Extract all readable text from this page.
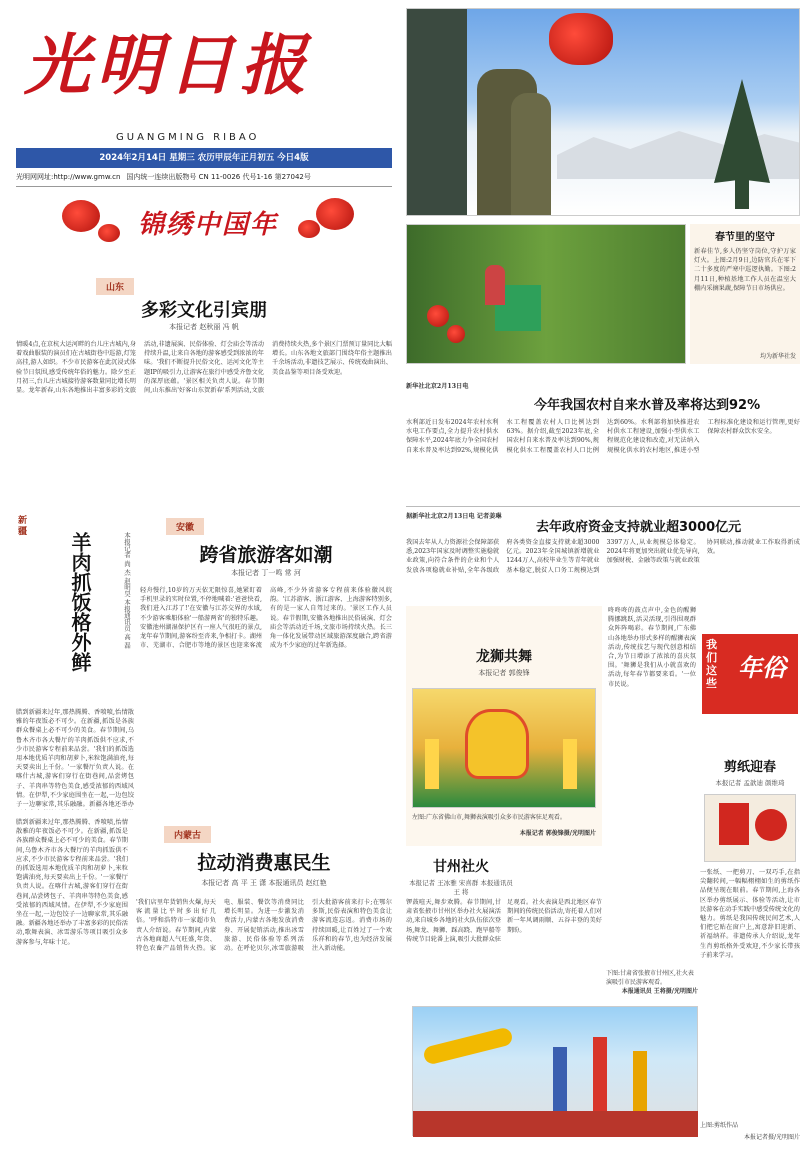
光明日报
GUANGMING RIBAO
2024年2月14日 星期三 农历甲辰年正月初五 今日4版
光明网网址:http://www.gmw.cn 国内统一连续出版物号 CN 11-0026 代号1-16 第27042号
锦绣中国年
山东
多彩文化引宾朋
本报记者 赵秋丽 冯 帆
情暖4点,在京杭大运河畔的台儿庄古城内,身着戏曲服装的演员们在古城街巷中巡游,灯笼高挂,游人如织。不少市民游客在此沉浸式体验节日氛围,感受传统年俗的魅力。除夕至正月初三,台儿庄古城接待游客数量同比增长明显。龙年新春,山东各地推出丰富多彩的文旅活动,非遗展演、民俗体验、灯会庙会等活动持续升温,让来自各地的游客感受到浓浓的年味。'我们不断提升民俗文化、运河文化等主题IP的吸引力,让游客在旅行中感受齐鲁文化的深厚底蕴。'景区相关负责人说。春节期间,山东推出'好客山东贺新春'系列活动,文旅消费持续火热,多个景区门票预订量同比大幅增长。山东各地文旅部门围绕年俗主题推出千余场活动,非遗技艺展示、传统戏曲演出、美食品鉴等项目备受欢迎。
新疆 羊肉抓饭格外鲜	本报记者 尚 杰 赵明昊 本报通讯员 高 磊
腊到新疆来过年,那热腾腾、香喷喷,怡情散雅的年夜饭必不可少。在新疆,抓饭是各族群众餐桌上必不可少的美食。春节期间,乌鲁木齐市各大餐厅的羊肉抓饭供不应求,不少市民游客专程前来品尝。'我们的抓饭选用本地优质羊肉和胡萝卜,米粒饱满油亮,每天要卖出上千份。'一家餐厅负责人说。在喀什古城,游客们穿行在街巷间,品尝烤包子、羊肉串等特色美食,感受浓郁的西域风情。在伊犁,不少家庭围坐在一起,一边包饺子一边聊家常,其乐融融。新疆各地还举办
安徽
跨省旅游客如潮
本报记者 丁一鸣 常 河
轻舟慢行,10岁的万天依无限惊喜,她紧盯着手机里录的实时位置,不停地喊着:'爸爸快看,我们进入江苏了!'在安徽与江苏交界的水域,不少游客乘船体验'一船游两省'的独特乐趣。安徽池州湖湿保护区有一座人气很旺的景点,龙年春节期间,游客纷至沓来,争相打卡。湖州市、芜湖市、合肥市等地的景区也迎来客流高峰,不少外省游客专程前来体验徽风皖韵。'江苏游客、浙江游客、上海游客特别多,有的是一家人自驾过来的。'景区工作人员说。春节假期,安徽各地推出民俗展演、灯会庙会等活动近千场,文旅市场持续火热。长三角一体化发展带动区域旅游深度融合,跨省游成为不少家庭的过年新选择。
内蒙古
拉动消费惠民生
本报记者 高 平 王 潇 本报通讯员 赵红艳
'我们店里年货销售火爆,每天客流量比平时多出好几倍。'呼和浩特市一家超市负责人介绍说。春节期间,内蒙古各地商超人气旺盛,年货、特色农畜产品销售火热。家电、服装、餐饮等消费同比增长明显。为进一步激发消费活力,内蒙古各地发放消费券、开展促销活动,推出冰雪旅游、民俗体验等系列活动。在呼伦贝尔,冰雪旅游吸引大批游客前来打卡;在鄂尔多斯,民俗表演和特色美食让游客流连忘返。消费市场的持续回暖,让百姓过了一个欢乐祥和的春节,也为经济发展注入新动能。
腊到新疆来过年,那热腾腾、香喷喷,怡情散雅的年夜饭必不可少。在新疆,抓饭是各族群众餐桌上必不可少的美食。春节期间,乌鲁木齐市各大餐厅的羊肉抓饭供不应求,不少市民游客专程前来品尝。'我们的抓饭选用本地优质羊肉和胡萝卜,米粒饱满油亮,每天要卖出上千份。'一家餐厅负责人说。在喀什古城,游客们穿行在街巷间,品尝烤包子、羊肉串等特色美食,感受浓郁的西域风情。在伊犁,不少家庭围坐在一起,一边包饺子一边聊家常,其乐融融。新疆各地还举办了丰富多彩的民俗活动,歌舞表演、冰雪游乐等项目吸引众多游客参与,年味十足。
春节里的坚守
新春佳节,多人仍坚守岗位,守护万家灯火。上图:2月9日,边防官兵在零下二十多度的严寒中巡逻执勤。下图:2月11日,种植基地工作人员在温室大棚内采摘果蔬,保障节日市场供应。
均为新华社发
今年我国农村自来水普及率将达到92%
新华社北京2月13日电
水利部近日发布2024年农村水利水电工作要点,全力提升农村供水保障水平,2024年底力争全国农村自来水普及率达到92%,规模化供水工程覆盖农村人口比例达到63%。据介绍,截至2023年底,全国农村自来水普及率达到90%,规模化供水工程覆盖农村人口比例达到60%。水利部将加快推进农村供水工程建设,加强小型供水工程规范化建设和改造,对无法纳入规模化供水的农村地区,推进小型工程标准化建设和运行管理,更好保障农村群众饮水安全。
据新华社北京2月13日电 记者姜琳
去年政府资金支持就业超3000亿元
我国去年从人力资源社会保障部获悉,2023年国家及时调整实施稳就业政策,向符合条件的企业和个人发放各项稳就业补贴,全年各级政府各类资金直接支持就业超3000亿元。2023年全国城镇新增就业1244万人,高校毕业生等青年就业基本稳定,脱贫人口务工规模达到3397万人,从业规模总体稳定。2024年将更加突出就业优先导向,加强财税、金融等政策与就业政策协同联动,推动就业工作取得新成效。
龙狮共舞
本报记者 郭俊锋
左图:广东省佛山市,舞狮表演吸引众多市民游客驻足观看。
本报记者 郭俊锋摄/光明图片
咚咚咚的鼓点声中,金色的醒狮腾挪跳跃,活灵活现,引得围观群众阵阵喝彩。春节期间,广东佛山各地举办形式多样的醒狮表演活动,传统技艺与现代创意相结合,为节日增添了浓浓的喜庆氛围。'舞狮是我们从小就喜欢的活动,每年春节都要来看。'一位市民说。
我们这些
年俗
剪纸迎春
本报记者 孟歆迪 颜维琦
一张纸、一把剪刀、一双巧手,在指尖翻转间,一幅幅栩栩如生的剪纸作品便呈现在眼前。春节期间,上海各区举办剪纸展示、体验等活动,让市民游客在动手实践中感受传统文化的魅力。剪纸是我国传统民间艺术,人们把它贴在窗户上,寓意辞旧迎新、祈福纳祥。非遗传承人介绍说,龙年生肖剪纸格外受欢迎,不少家长带孩子前来学习。
上图:剪纸作品
本报记者摄/光明图片
甘州社火
本报记者 王冰雅 宋喜群 本报通讯员 王 将
锣鼓喧天,舞步欢腾。春节期间,甘肃省张掖市甘州区举办社火展演活动,来自城乡各地的社火队伍依次登场,舞龙、舞狮、踩高跷、跑旱船等传统节目轮番上演,吸引大批群众驻足观看。社火表演是西北地区春节期间的传统民俗活动,寄托着人们对新一年风调雨顺、五谷丰登的美好期盼。
下图:甘肃省张掖市甘州区,社火表演吸引市民游客观看。
本报通讯员 王将摄/光明图片
